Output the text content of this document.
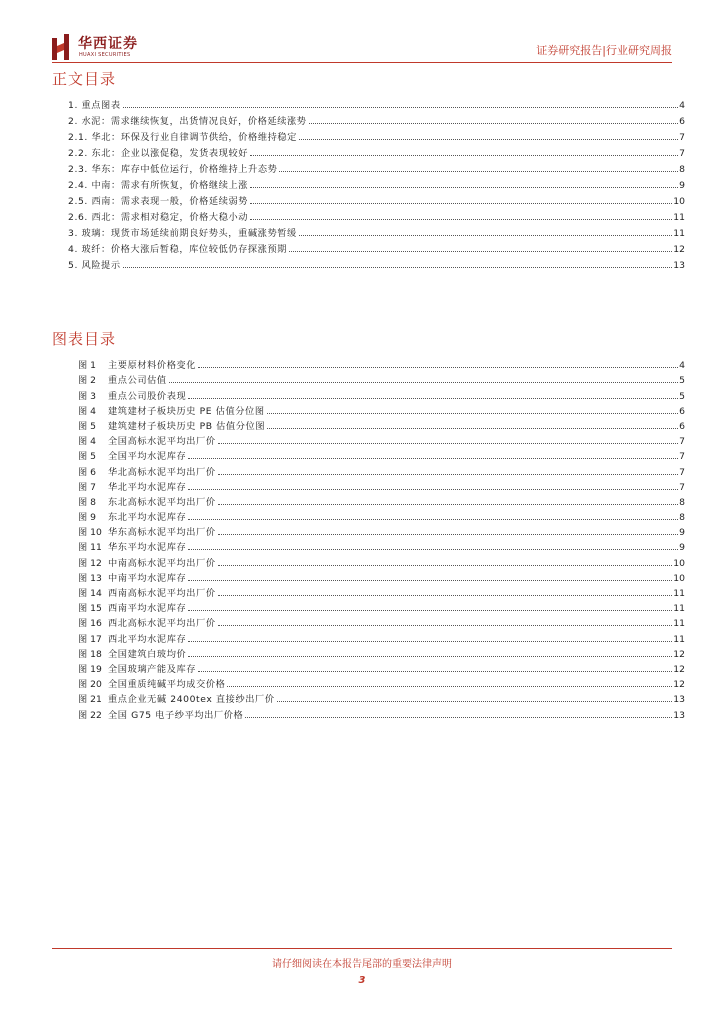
华西证券
HUAXI SECURITIES	证券研究报告|行业研究周报
正文目录
1. 重点图表	4
2. 水泥：需求继续恢复，出货情况良好，价格延续涨势	6
2.1. 华北：环保及行业自律调节供给，价格维持稳定	7
2.2. 东北：企业以涨促稳，发货表现较好	7
2.3. 华东：库存中低位运行，价格维持上升态势	8
2.4. 中南：需求有所恢复，价格继续上涨	9
2.5. 西南：需求表现一般，价格延续弱势	10
2.6. 西北：需求相对稳定，价格大稳小动	11
3. 玻璃：现货市场延续前期良好势头，重碱涨势暂缓	11
4. 玻纤：价格大涨后暂稳，库位较低仍存探涨预期	12
5. 风险提示	13
图表目录
图 1	主要原材料价格变化	4
图 2	重点公司估值	5
图 3	重点公司股价表现	5
图 4	建筑建材子板块历史 PE 估值分位图	6
图 5	建筑建材子板块历史 PB 估值分位图	6
图 4	全国高标水泥平均出厂价	7
图 5	全国平均水泥库存	7
图 6	华北高标水泥平均出厂价	7
图 7	华北平均水泥库存	7
图 8	东北高标水泥平均出厂价	8
图 9	东北平均水泥库存	8
图 10 华东高标水泥平均出厂价	9
图 11 华东平均水泥库存	9
图 12 中南高标水泥平均出厂价	10
图 13 中南平均水泥库存	10
图 14 西南高标水泥平均出厂价	11
图 15 西南平均水泥库存	11
图 16 西北高标水泥平均出厂价	11
图 17 西北平均水泥库存	11
图 18 全国建筑白玻均价	12
图 19 全国玻璃产能及库存	12
图 20 全国重质纯碱平均成交价格	12
图 21 重点企业无碱 2400tex 直接纱出厂价	13
图 22 全国 G75 电子纱平均出厂价格	13
请仔细阅读在本报告尾部的重要法律声明
3
